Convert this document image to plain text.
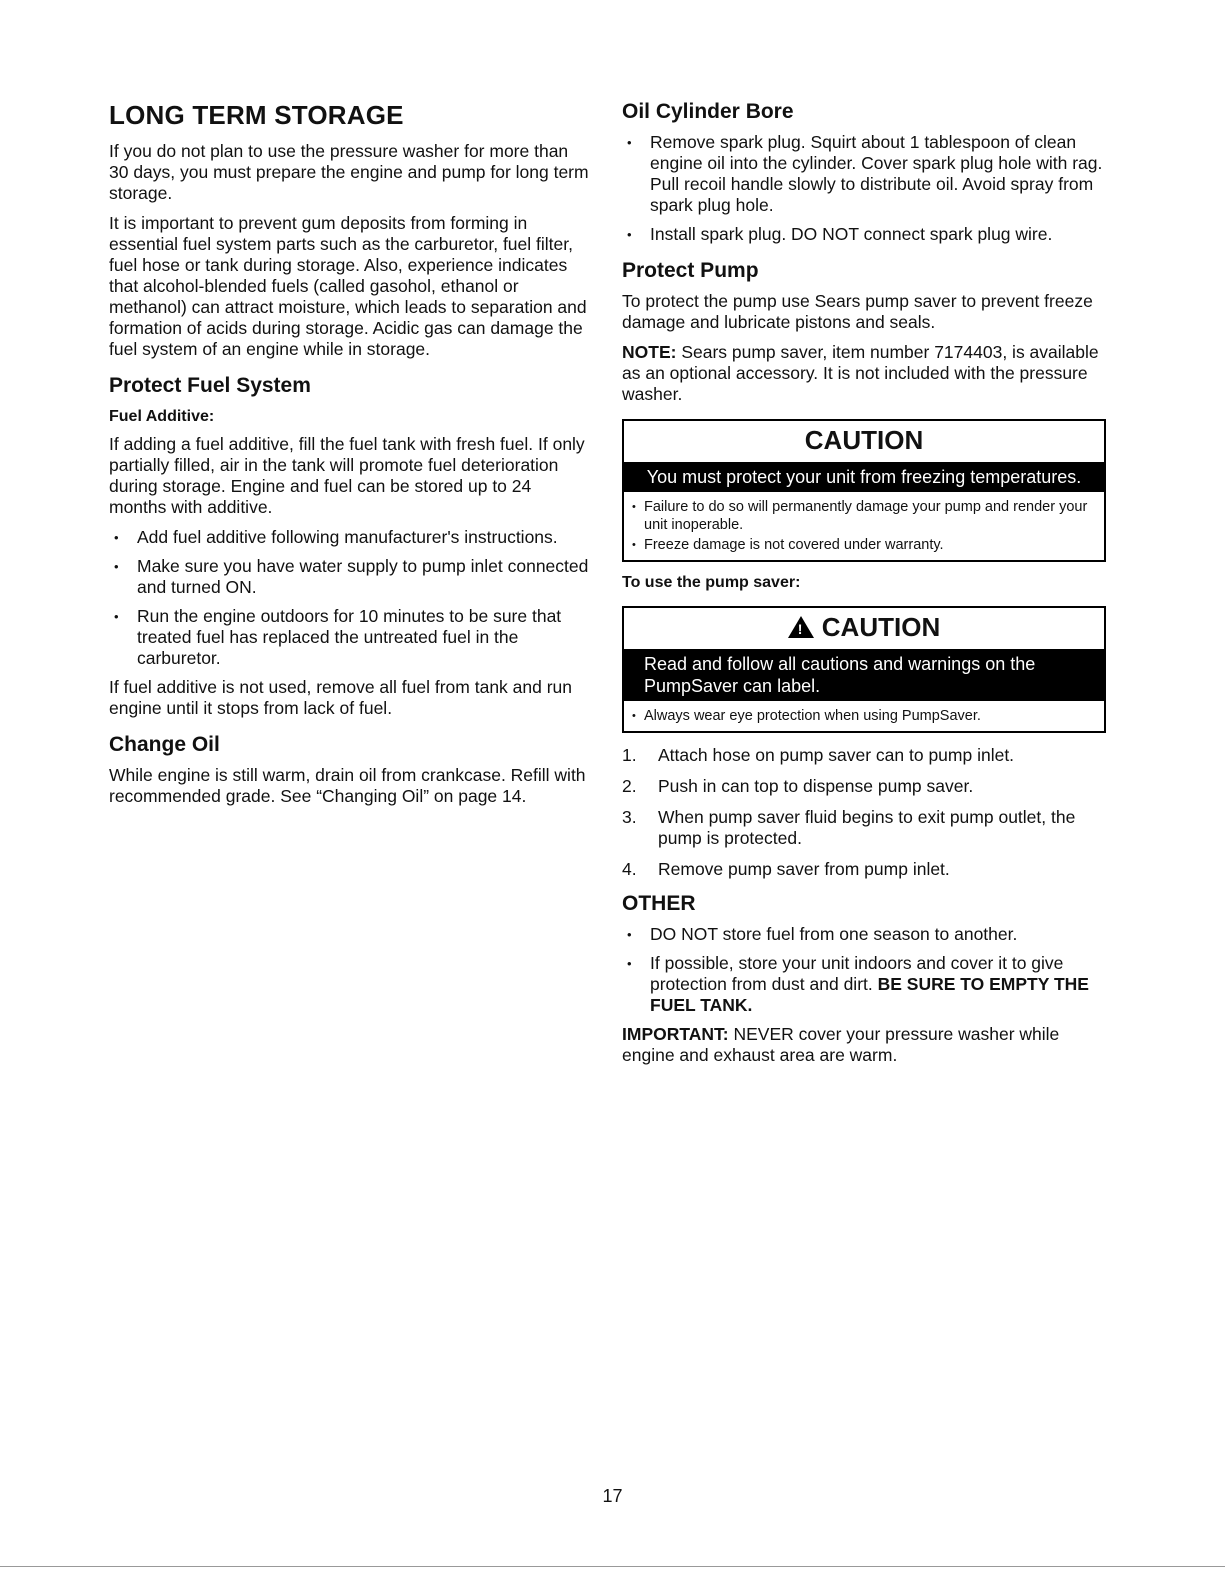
LONG TERM STORAGE

If you do not plan to use the pressure washer for more than 30 days, you must prepare the engine and pump for long term storage.

It is important to prevent gum deposits from forming in essential fuel system parts such as the carburetor, fuel filter, fuel hose or tank during storage. Also, experience indicates that alcohol-blended fuels (called gasohol, ethanol or methanol) can attract moisture, which leads to separation and formation of acids during storage. Acidic gas can damage the fuel system of an engine while in storage.

Protect Fuel System
Fuel Additive:

If adding a fuel additive, fill the fuel tank with fresh fuel. If only partially filled, air in the tank will promote fuel deterioration during storage. Engine and fuel can be stored up to 24 months with additive.

• Add fuel additive following manufacturer's instructions.
• Make sure you have water supply to pump inlet connected and turned ON.
• Run the engine outdoors for 10 minutes to be sure that treated fuel has replaced the untreated fuel in the carburetor.

If fuel additive is not used, remove all fuel from tank and run engine until it stops from lack of fuel.

Change Oil

While engine is still warm, drain oil from crankcase. Refill with recommended grade. See “Changing Oil” on page 14.

Oil Cylinder Bore
• Remove spark plug. Squirt about 1 tablespoon of clean engine oil into the cylinder. Cover spark plug hole with rag. Pull recoil handle slowly to distribute oil. Avoid spray from spark plug hole.
• Install spark plug. DO NOT connect spark plug wire.
Protect Pump

To protect the pump use Sears pump saver to prevent freeze damage and lubricate pistons and seals.

NOTE: Sears pump saver, item number 7174403, is available as an optional accessory. It is not included with the pressure washer.

CAUTION
You must protect your unit from freezing temperatures.
• Failure to do so will permanently damage your pump and render your unit inoperable.
• Freeze damage is not covered under warranty.
To use the pump saver:
!CAUTION
Read and follow all cautions and warnings on the PumpSaver can label.
• Always wear eye protection when using PumpSaver.
1. Attach hose on pump saver can to pump inlet.
2. Push in can top to dispense pump saver.
3. When pump saver fluid begins to exit pump outlet, the pump is protected.
4. Remove pump saver from pump inlet.
OTHER
• DO NOT store fuel from one season to another.
• If possible, store your unit indoors and cover it to give protection from dust and dirt. BE SURE TO EMPTY THE FUEL TANK.

IMPORTANT: NEVER cover your pressure washer while engine and exhaust area are warm.

17
